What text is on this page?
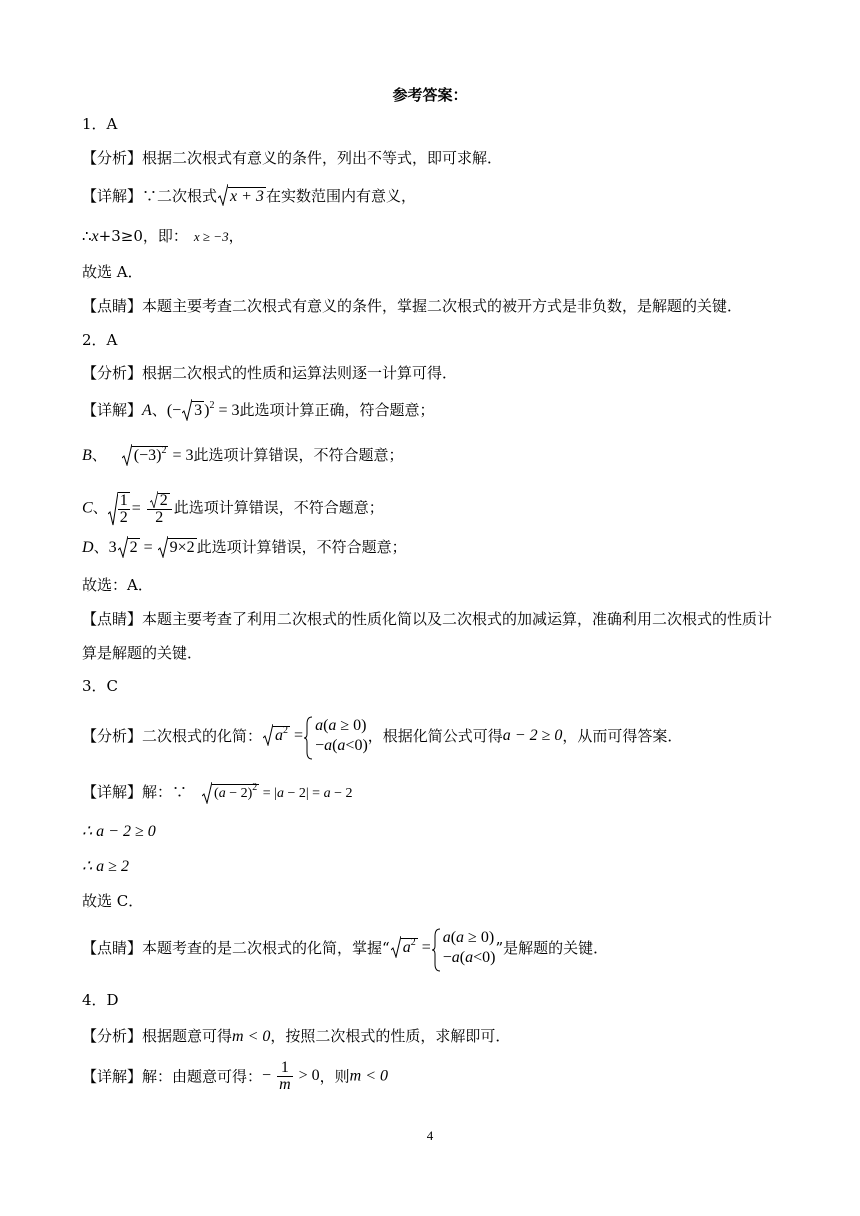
参考答案：
1．A
【分析】根据二次根式有意义的条件，列出不等式，即可求解．
【详解】∵二次根式 x + 3 在实数范围内有意义，
∴x+3≥0，即： x ≥ −3，
故选 A．
【点睛】本题主要考查二次根式有意义的条件，掌握二次根式的被开方式是非负数，是解题的关键．
2．A
【分析】根据二次根式的性质和运算法则逐一计算可得．
【详解】A、(− 3 )$^2$ = 3此选项计算正确，符合题意；
B、 $(-3)^2 = 3$此选项计算错误，不符合题意；
C、 $\frac{1}{2} = \frac{2}{2}$ 此选项计算错误，不符合题意；
D、3 2 =
9×2 此选项计算错误，不符合题意；
故选：A．
【点睛】本题主要考查了利用二次根式的性质化简以及二次根式的加减运算，准确利用二次根式的性质计
算是解题的关键．
3．C
【分析】二次根式的化简： $a^2$ =
a(a ≥ 0)
−a(a<0)
，根据化简公式可得a − 2 ≥ 0，从而可得答案．
【详解】解：∵ $(a - 2)^2 = |a - 2| = a - 2$
∴ a − 2 ≥ 0
∴ a ≥ 2
故选 C．
【点睛】本题考查的是二次根式的化简，掌握“ $a^2$ =
a(a ≥ 0)
−a(a<0)
”是解题的关键．
4．D
【分析】根据题意可得m < 0，按照二次根式的性质，求解即可．
【详解】解：由题意可得：− $\frac{1}{m} > 0$，则m < 0
4
